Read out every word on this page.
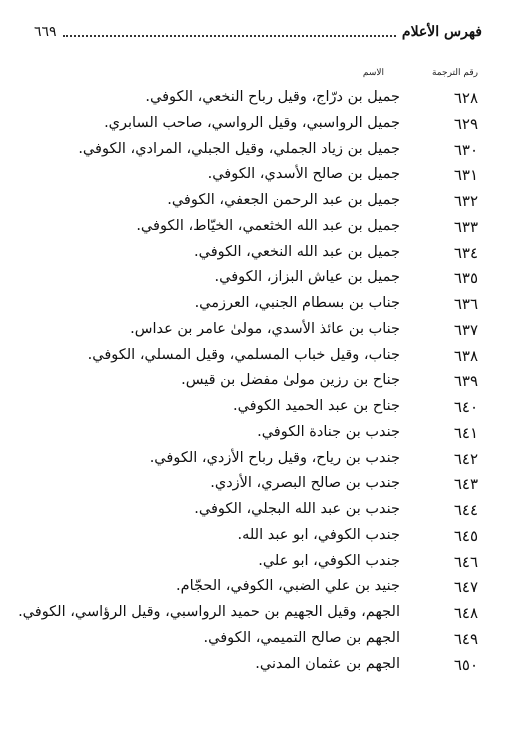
فهرس الأعلام
٦٦٩
رقم الترجمة
الاسم
٦٢٨
جميل بن درّاج، وقيل رباح النخعي، الكوفي.
٦٢٩
جميل الرواسبي، وقيل الرواسي، صاحب السابري.
٦٣٠
جميل بن زياد الجملي، وقيل الجبلي، المرادي، الكوفي.
٦٣١
جميل بن صالح الأسدي، الكوفي.
٦٣٢
جميل بن عبد الرحمن الجعفي، الكوفي.
٦٣٣
جميل بن عبد الله الخثعمي، الخيّاط، الكوفي.
٦٣٤
جميل بن عبد الله النخعي، الكوفي.
٦٣٥
جميل بن عياش البزاز، الكوفي.
٦٣٦
جناب بن بسطام الجنبي، العرزمي.
٦٣٧
جناب بن عائذ الأسدي، مولىٰ عامر بن عداس.
٦٣٨
جناب، وقيل خباب المسلمي، وقيل المسلي، الكوفي.
٦٣٩
جناح بن رزين مولىٰ مفضل بن قيس.
٦٤٠
جناح بن عبد الحميد الكوفي.
٦٤١
جندب بن جنادة الكوفي.
٦٤٢
جندب بن رياح، وقيل رباح الأزدي، الكوفي.
٦٤٣
جندب بن صالح البصري، الأزدي.
٦٤٤
جندب بن عبد الله البجلي، الكوفي.
٦٤٥
جندب الكوفي، ابو عبد الله.
٦٤٦
جندب الكوفي، ابو علي.
٦٤٧
جنيد بن علي الضبي، الكوفي، الحجّام.
٦٤٨
الجهم، وقيل الجهيم بن حميد الرواسبي، وقيل الرؤاسي، الكوفي.
٦٤٩
الجهم بن صالح التميمي، الكوفي.
٦٥٠
الجهم بن عثمان المدني.
